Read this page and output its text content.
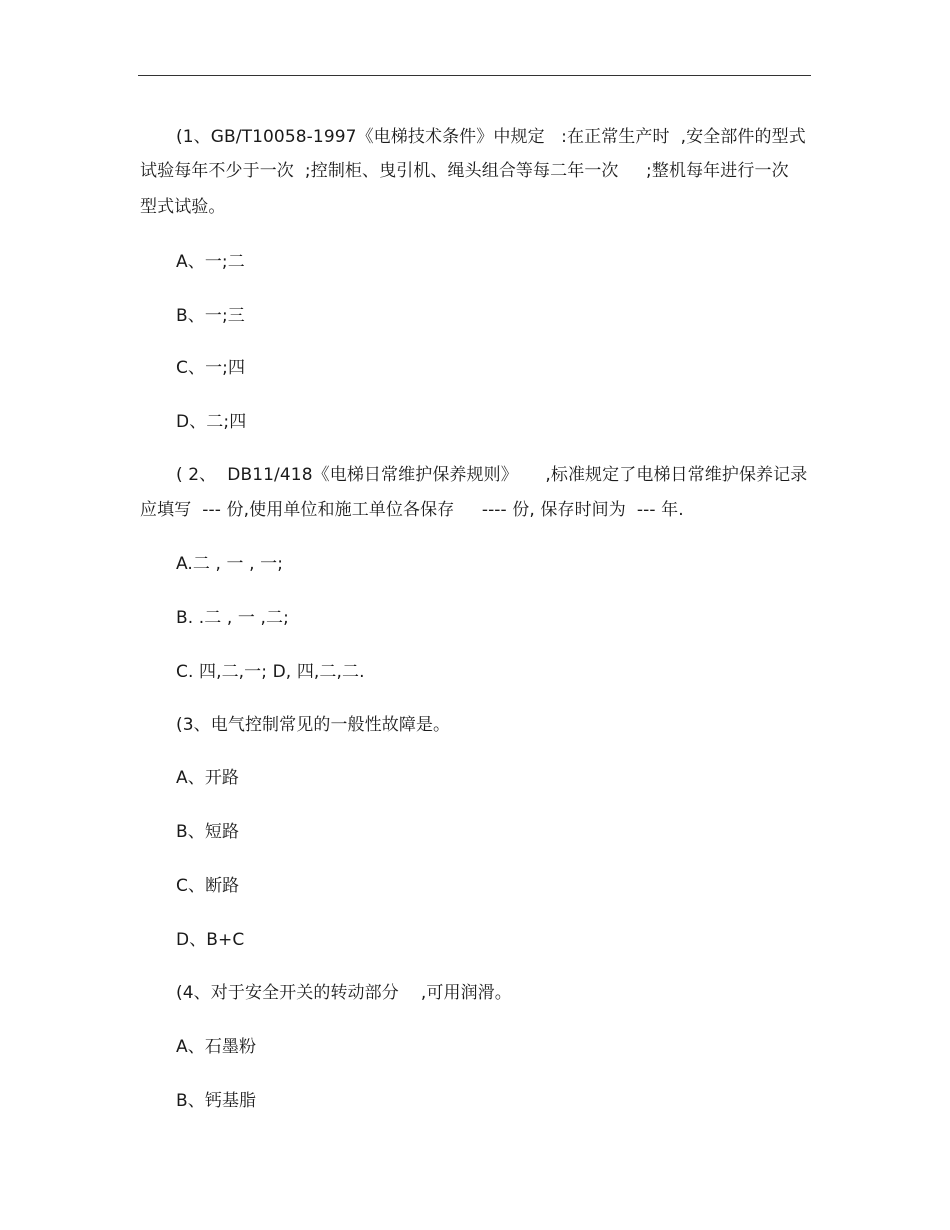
(1、GB/T10058-1997《电梯技术条件》中规定   :在正常生产时  ,安全部件的型式
试验每年不少于一次  ;控制柜、曳引机、绳头组合等每二年一次     ;整机每年进行一次
型式试验。
A、一;二
B、一;三
C、一;四
D、二;四
( 2、  DB11/418《电梯日常维护保养规则》     ,标准规定了电梯日常维护保养记录
应填写  --- 份,使用单位和施工单位各保存     ---- 份, 保存时间为  --- 年.
A.二 , 一 , 一;
B. .二 , 一 ,二;
C. 四,二,一; D, 四,二,二.
(3、电气控制常见的一般性故障是。
A、开路
B、短路
C、断路
D、B+C
(4、对于安全开关的转动部分    ,可用润滑。
A、石墨粉
B、钙基脂
